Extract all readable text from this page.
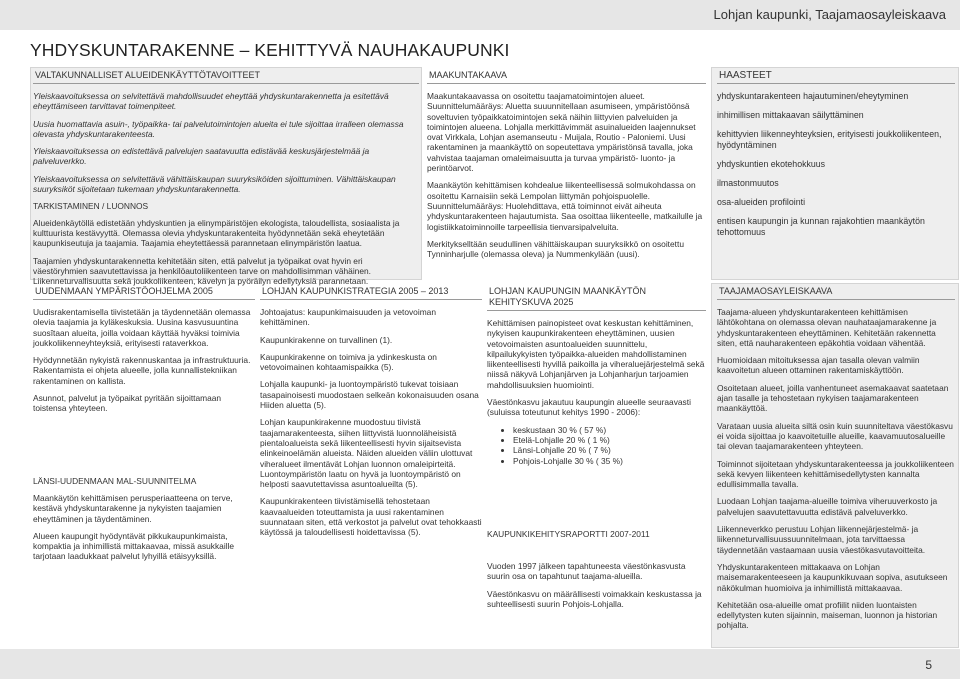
Lohjan kaupunki, Taajamaosayleiskaava
YHDYSKUNTARAKENNE – KEHITTYVÄ NAUHAKAUPUNKI
VALTAKUNNALLISET ALUEIDENKÄYTTÖTAVOITTEET

Yleiskaavoituksessa on selvitettävä mahdollisuudet eheyttää yhdyskuntarakennetta ja esitettävä eheyttämiseen tarvittavat toimenpiteet.

Uusia huomattavia asuin-, työpaikka- tai palvelutoimintojen alueita ei tule sijoittaa irralleen olemassa olevasta yhdyskuntarakenteesta.

Yleiskaavoituksessa on edistettävä palvelujen saatavuutta edistävää keskusjärjestelmää ja palveluverkko.

Yleiskaavoituksessa on selvitettävä vähittäiskaupan suuryksiköiden sijoittuminen. Vähittäiskaupan suuryksiköt sijoitetaan tukemaan yhdyskuntarakennetta.

TARKISTAMINEN / LUONNOS

Alueidenkäytöllä edistetään yhdyskuntien ja elinympäristöjen ekologista, taloudellista, sosiaalista ja kulttuurista kestävyyttä. Olemassa olevia yhdyskuntarakenteita hyödynnetään sekä eheytetään kaupunkiseutuja ja taajamia. Taajamia eheytettäessä parannetaan elinympäristön laatua.

Taajamien yhdyskuntarakennetta kehitetään siten, että palvelut ja työpaikat ovat hyvin eri väestöryhmien saavutettavissa ja henkilöautoliikenteen tarve on mahdollisimman vähäinen. Liikenneturvallisuutta sekä joukkoliikenteen, kävelyn ja pyöräilyn edellytyksiä parannetaan.

MAAKUNTAKAAVA

Maakuntakaavassa on osoitettu taajamatoimintojen alueet. Suunnittelumääräys: Aluetta suuunnitellaan asumiseen, ympäristöönsä soveltuvien työpaikkatoimintojen sekä näihin liittyvien palveluiden ja toimintojen alueena. Lohjalla merkittävimmät asuinalueiden laajennukset ovat Virkkala, Lohjan asemanseutu - Muijala, Routio - Paloniemi. Uusi rakentaminen ja maankäyttö on sopeutettava ympäristönsä tavalla, joka vahvistaa taajaman omaleimaisuutta ja turvaa ympäristö- luonto- ja perintöarvot.

Maankäytön kehittämisen kohdealue liikenteellisessä solmukohdassa on osoitettu Karnaisiin sekä Lempolan liittymän pohjoispuolelle. Suunnittelumääräys: Huolehdittava, että toiminnot eivät aiheuta yhdyskuntarakenteen hajautumista. Saa osoittaa liikenteelle, matkailulle ja logistiikkatoiminnoille tarpeellisia tienvarsipalveluita.

Merkitykselltään seudullinen vähittäiskaupan suuryksikkö on osoitettu Tynninharjulle (olemassa oleva) ja Nummenkylään (uusi).

HAASTEET

yhdyskuntarakenteen hajautuminen/eheytyminen

inhimillisen mittakaavan säilyttäminen

kehittyvien liikenneyhteyksien, erityisesti joukkoliikenteen, hyödyntäminen

yhdyskuntien ekotehokkuus

ilmastonmuutos

osa-alueiden profilointi

entisen kaupungin ja kunnan rajakohtien maankäytön tehottomuus

UUDENMAAN YMPÄRISTÖOHJELMA 2005

Uudisrakentamisella tiivistetään ja täydennetään olemassa olevia taajamia ja kyläkeskuksia. Uusina kasvusuuntina suosîtaan alueita, joilla voidaan käyttää hyväksi toimivia joukkoliikenneyhteyksiä, erityisesti rataverkkoa.

Hyödynnetään nykyistä rakennuskantaa ja infrastruktuuria. Rakentamista ei ohjeta alueelle, jolla kunnallistekniikan rakentaminen on kallista.

Asunnot, palvelut ja työpaikat pyritään sijoittamaan toistensa yhteyteen.

LÄNSI-UUDENMAAN MAL-SUUNNITELMA

Maankäytön kehittämisen perusperiaatteena on terve, kestävä yhdyskuntarakenne ja nykyisten taajamien eheyttäminen ja täydentäminen.

Alueen kaupungit hyödyntävät pikkukaupunkimaista, kompaktia ja inhimillistä mittakaavaa, missä asukkaille tarjotaan laadukkaat palvelut lyhyillä etäisyyksillä.

LOHJAN KAUPUNKISTRATEGIA 2005 – 2013

Johtoajatus: kaupunkimaisuuden ja vetovoiman kehittäminen.

Kaupunkirakenne on turvallinen (1).

Kaupunkirakenne on toimiva ja ydinkeskusta on vetovoimainen kohtaamispaikka (5).

Lohjalla kaupunki- ja luontoympäristö tukevat toisiaan tasapainoisesti muodostaen selkeän kokonaisuuden osana Hiiden aluetta (5).

Lohjan kaupunkirakenne muodostuu tiivistä taajamarakenteesta, siihen liittyvistä luonnoläheisistä pientaloalueista sekä liikenteellisesti hyvin sijaitsevista elinkeinoelämän alueista. Näiden alueiden väliin ulottuvat viheralueet ilmentävät Lohjan luonnon omaleipirteitä. Luontoympäristön laatu on hyvä ja luontoympäristö on helposti saavutettavissa asuntoalueilta (5).

Kaupunkirakenteen tiivistämisellä tehostetaan kaavaalueiden toteuttamista ja uusi rakentaminen suunnataan siten, että verkostot ja palvelut ovat tehokkaasti käytössä ja taloudellisesti hoidettavissa (5).

LOHJAN KAUPUNGIN MAANKÄYTÖN KEHITYSKUVA 2025

Kehittämisen painopisteet ovat keskustan kehittäminen, nykyisen kaupunkirakenteen eheyttäminen, uusien vetovoimaisten asuntoalueiden suunnittelu, kilpailukykyisten työpaikka-alueiden mahdollistaminen liikenteellisesti hyvillä paikoilla ja viheraluejärjestelmä sekä niissä näkyvä Lohjanjärven ja Lohjanharjun tarjoamien mahdollisuuksien huomiointi.

Väestönkasvu jakautuu kaupungin alueelle seuraavasti (suluissa toteutunut kehitys 1990 - 2006):

• keskustaan 30 % ( 57 %)
• Etelä-Lohjalle 20 % ( 1 %)
• Länsi-Lohjalle 20 % ( 7 %)
• Pohjois-Lohjalle 30 % ( 35 %)

KAUPUNKIKEHITYSRAPORTTI 2007-2011

Vuoden 1997 jälkeen tapahtuneesta väestönkasvusta suurin osa on tapahtunut taajama-alueilla.

Väestönkasvu on määrällisesti voimakkain keskustassa ja suhteellisesti suurin Pohjois-Lohjalla.

TAAJAMAOSAYLEISKAAVA

Taajama-alueen yhdyskuntarakenteen kehittämisen lähtökohtana on olemassa olevan nauhataajamarakenne ja yhdyskuntarakenteen eheyttäminen. Kehitetään rakennetta siten, että nauharakenteen epäkohtia voidaan vähentää.

Huomioidaan mitoituksessa ajan tasalla olevan valmiin kaavoitetun alueen ottaminen rakentamiskäyttöön.

Osoitetaan alueet, joilla vanhentuneet asemakaavat saatetaan ajan tasalle ja tehostetaan nykyisen taajamarakenteen maankäyttöä.

Varataan uusia alueita siltä osin kuin suunniteltava väestökasvu ei voida sijoittaa jo kaavoitetuille alueille, kaavamuutosalueille tai olevan taajamarakenteen yhteyteen.

Toiminnot sijoitetaan yhdyskuntarakenteessa ja joukkoliikenteen sekä kevyen liikenteen kehittämisedellytysten kannalta edullisimmalla tavalla.

Luodaan Lohjan taajama-alueille toimiva viheruuverkosto ja palvelujen saavutettavuutta edistävä palveluverkko.

Liikenneverkko perustuu Lohjan liikennejärjestelmä- ja liikenneturvallisuussuunnitelmaan, jota tarvittaessa täydennetään vastaamaan uusia väestökasvutavoitteita.

Yhdyskuntarakenteen mittakaava on Lohjan maisemarakenteeseen ja kaupunkikuvaan sopiva, asutukseen näkökulman huomioiva ja inhimillistä mittakaavaa.

Kehitetään osa-alueille omat profiilit niiden luontaisten edellytysten kuten sijainnin, maiseman, luonnon ja historian pohjalta.

5
